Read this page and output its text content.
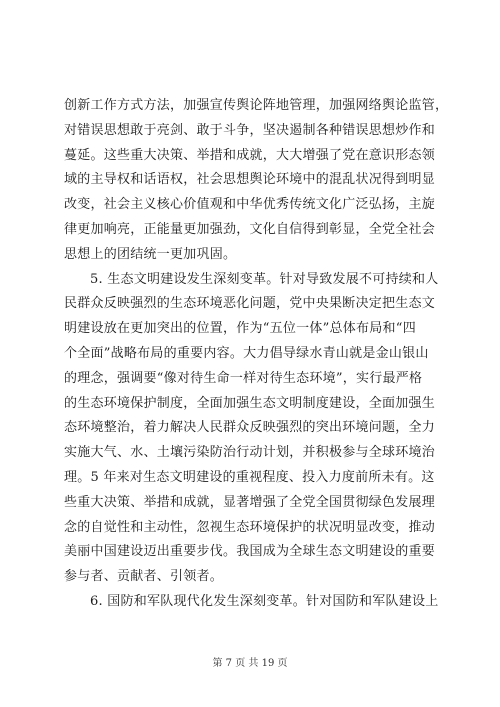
创新工作方式方法，加强宣传舆论阵地管理，加强网络舆论监管，
对错误思想敢于亮剑、敢于斗争，坚决遏制各种错误思想炒作和
蔓延。这些重大决策、举措和成就，大大增强了党在意识形态领
域的主导权和话语权，社会思想舆论环境中的混乱状况得到明显
改变，社会主义核心价值观和中华优秀传统文化广泛弘扬，主旋
律更加响亮，正能量更加强劲，文化自信得到彰显，全党全社会
思想上的团结统一更加巩固。
5. 生态文明建设发生深刻变革。针对导致发展不可持续和人
民群众反映强烈的生态环境恶化问题，党中央果断决定把生态文
明建设放在更加突出的位置，作为“五位一体”总体布局和“四
个全面”战略布局的重要内容。大力倡导绿水青山就是金山银山
的理念，强调要“像对待生命一样对待生态环境”，实行最严格
的生态环境保护制度，全面加强生态文明制度建设，全面加强生
态环境整治，着力解决人民群众反映强烈的突出环境问题，全力
实施大气、水、土壤污染防治行动计划，并积极参与全球环境治
理。5 年来对生态文明建设的重视程度、投入力度前所未有。这
些重大决策、举措和成就，显著增强了全党全国贯彻绿色发展理
念的自觉性和主动性，忽视生态环境保护的状况明显改变，推动
美丽中国建设迈出重要步伐。我国成为全球生态文明建设的重要
参与者、贡献者、引领者。
6. 国防和军队现代化发生深刻变革。针对国防和军队建设上
第 7 页 共 19 页
